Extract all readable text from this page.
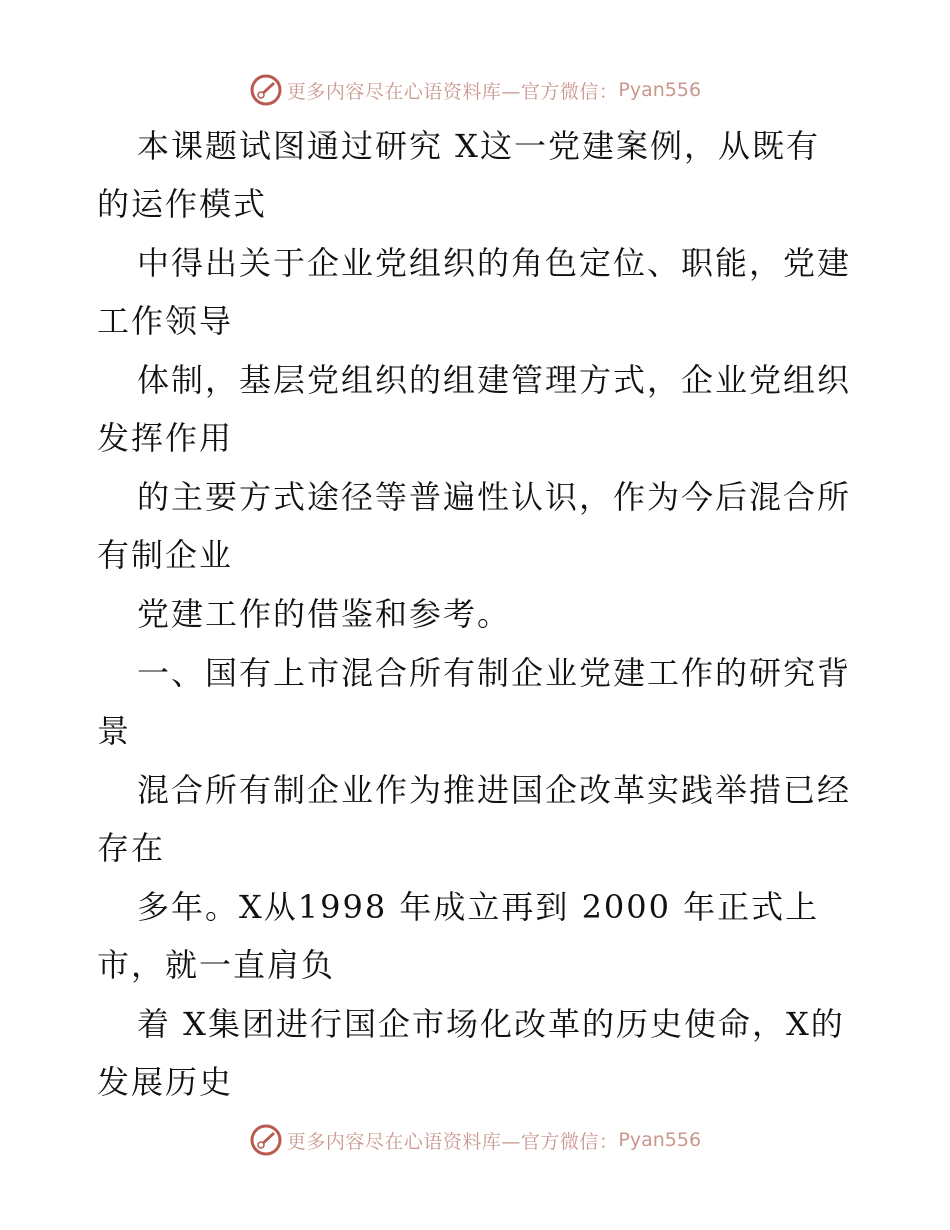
更多内容尽在心语资料库—官方微信： Pyan556
本课题试图通过研究 X这一党建案例，从既有
的运作模式
中得出关于企业党组织的角色定位、职能，党建
工作领导
体制，基层党组织的组建管理方式，企业党组织
发挥作用
的主要方式途径等普遍性认识，作为今后混合所
有制企业
党建工作的借鉴和参考。
一、国有上市混合所有制企业党建工作的研究背
景
混合所有制企业作为推进国企改革实践举措已经
存在
多年。X从1998 年成立再到 2000 年正式上
市，就一直肩负
着 X集团进行国企市场化改革的历史使命，X的
发展历史
更多内容尽在心语资料库—官方微信： Pyan556
